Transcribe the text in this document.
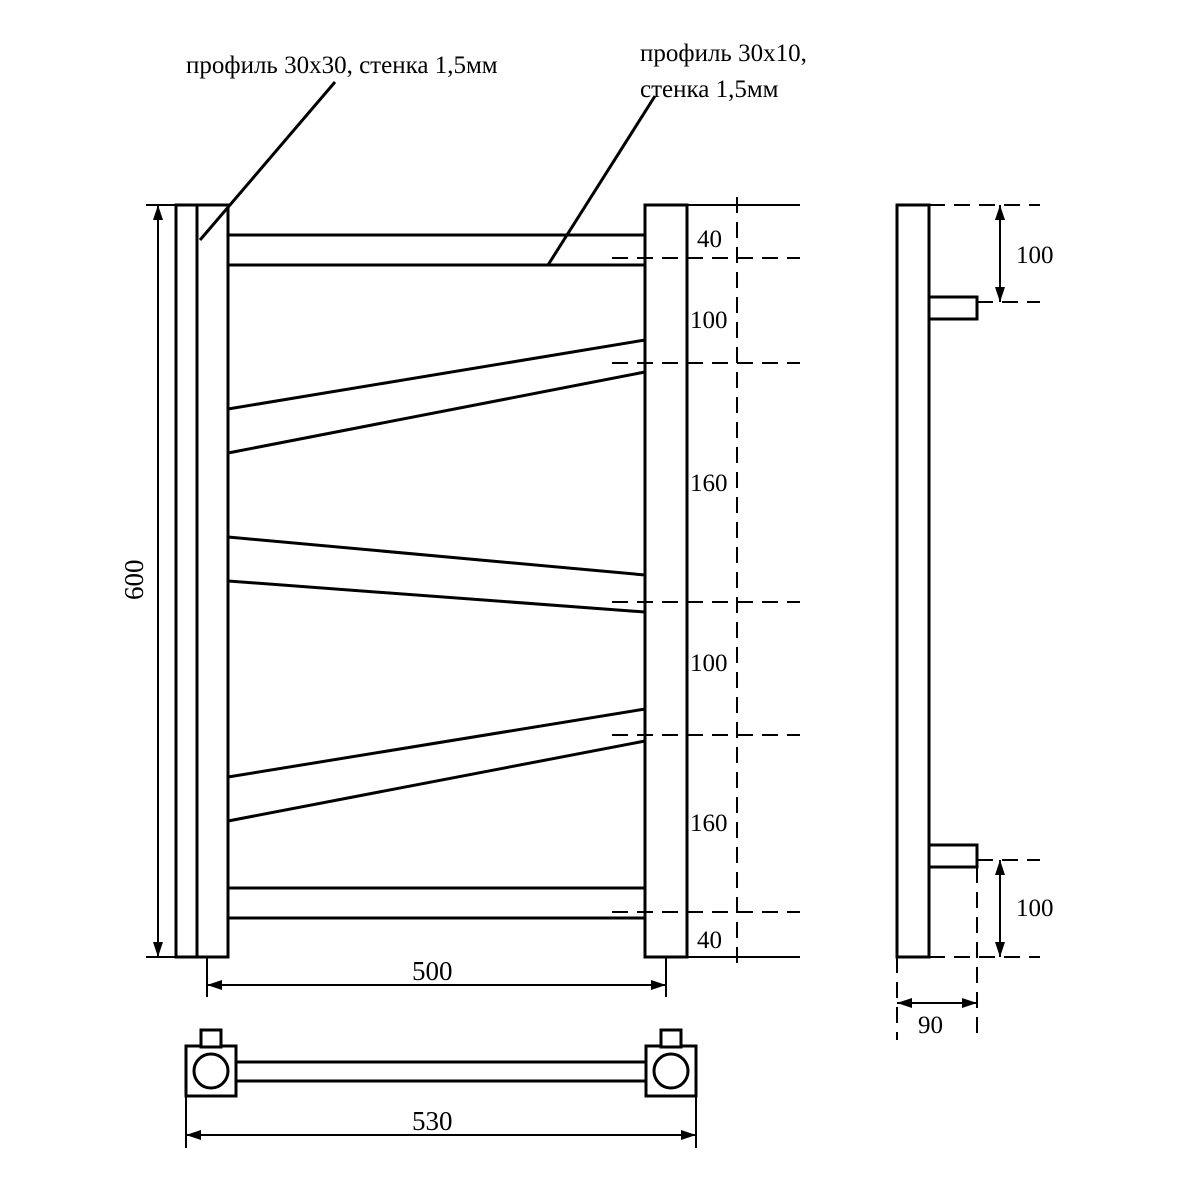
профиль 30x30, стенка 1,5мм	профиль 30x10,
стенка 1,5мм
600
40
100
160
100
160
40
500
100
100
90
530
